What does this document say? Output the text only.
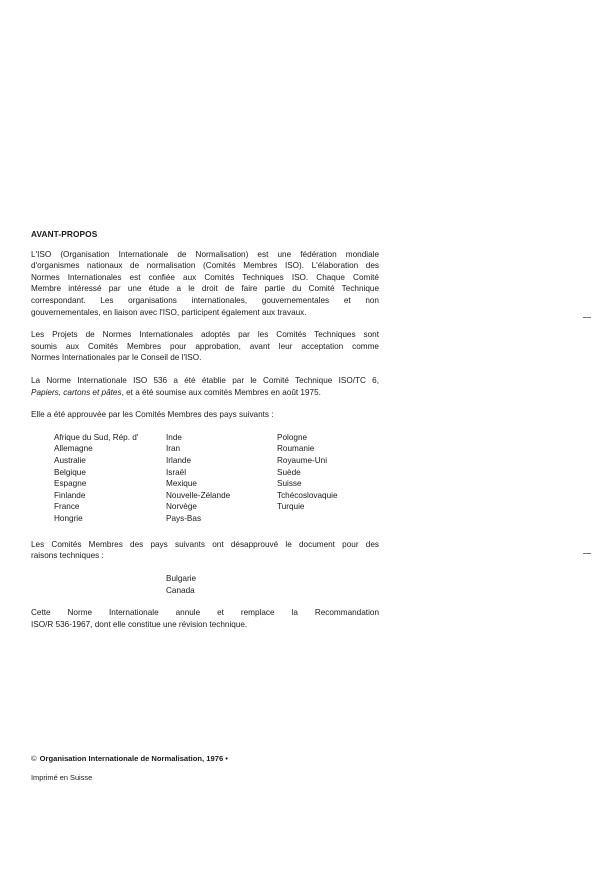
AVANT-PROPOS
L'ISO (Organisation Internationale de Normalisation) est une fédération mondiale
d'organismes nationaux de normalisation (Comités Membres ISO). L'élaboration des
Normes Internationales est confiée aux Comités Techniques ISO. Chaque Comité
Membre intéressé par une étude a le droit de faire partie du Comité Technique
correspondant. Les organisations internationales, gouvernementales et non
gouvernementales, en liaison avec l'ISO, participent également aux travaux.
Les Projets de Normes Internationales adoptés par les Comités Techniques sont
soumis aux Comités Membres pour approbation, avant leur acceptation comme
Normes Internationales par le Conseil de l'ISO.
La Norme Internationale ISO 536 a été établie par le Comité Technique ISO/TC 6,
Papiers, cartons et pâtes, et a été soumise aux comités Membres en août 1975.
Elle a été approuvée par les Comités Membres des pays suivants :
Afrique du Sud, Rép. d'
Allemagne
Australie
Belgique
Espagne
Finlande
France
Hongrie
Inde
Iran
Irlande
Israël
Mexique
Nouvelle-Zélande
Norvège
Pays-Bas
Pologne
Roumanie
Royaume-Uni
Suède
Suisse
Tchécoslovaquie
Turquie
Les Comités Membres des pays suivants ont désapprouvé le document pour des
raisons techniques :
Bulgarie
Canada
Cette Norme Internationale annule et remplace la Recommandation
ISO/R 536-1967, dont elle constitue une révision technique.
© Organisation Internationale de Normalisation, 1976 •
Imprimé en Suisse
